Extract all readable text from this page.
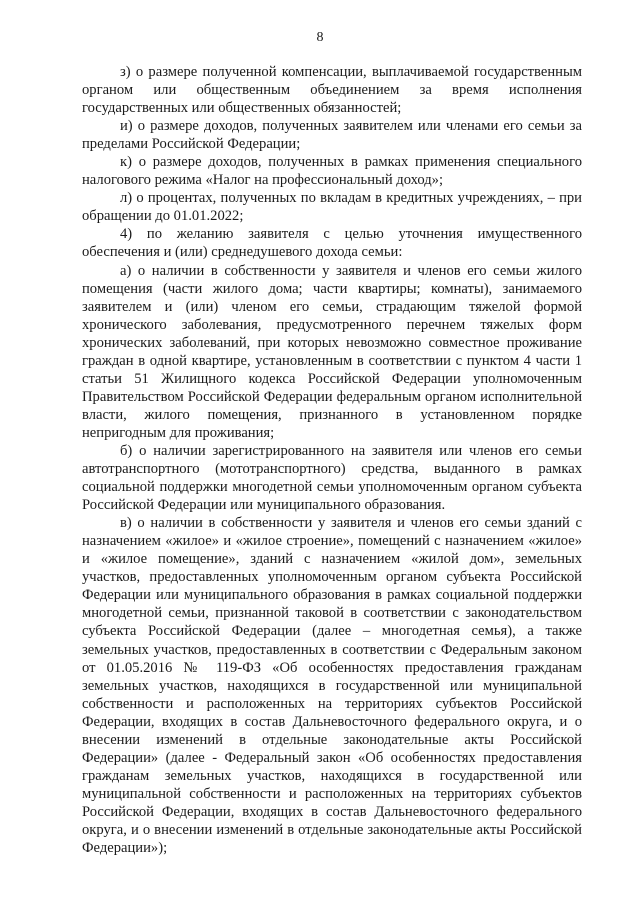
8

з) о размере полученной компенсации, выплачиваемой государственным органом или общественным объединением за время исполнения государственных или общественных обязанностей;

и) о размере доходов, полученных заявителем или членами его семьи за пределами Российской Федерации;

к) о размере доходов, полученных в рамках применения специального налогового режима «Налог на профессиональный доход»;

л) о процентах, полученных по вкладам в кредитных учреждениях, – при обращении до 01.01.2022;

4) по желанию заявителя с целью уточнения имущественного обеспечения и (или) среднедушевого дохода семьи:

а) о наличии в собственности у заявителя и членов его семьи жилого помещения (части жилого дома; части квартиры; комнаты), занимаемого заявителем и (или) членом его семьи, страдающим тяжелой формой хронического заболевания, предусмотренного перечнем тяжелых форм хронических заболеваний, при которых невозможно совместное проживание граждан в одной квартире, установленным в соответствии с пунктом 4 части 1 статьи 51 Жилищного кодекса Российской Федерации уполномоченным Правительством Российской Федерации федеральным органом исполнительной власти, жилого помещения, признанного в установленном порядке непригодным для проживания;

б) о наличии зарегистрированного на заявителя или членов его семьи автотранспортного (мототранспортного) средства, выданного в рамках социальной поддержки многодетной семьи уполномоченным органом субъекта Российской Федерации или муниципального образования.

в) о наличии в собственности у заявителя и членов его семьи зданий с назначением «жилое» и «жилое строение», помещений с назначением «жилое» и «жилое помещение», зданий с назначением «жилой дом», земельных участков, предоставленных уполномоченным органом субъекта Российской Федерации или муниципального образования в рамках социальной поддержки многодетной семьи, признанной таковой в соответствии с законодательством субъекта Российской Федерации (далее – многодетная семья), а также земельных участков, предоставленных в соответствии с Федеральным законом от 01.05.2016 № 119-ФЗ «Об особенностях предоставления гражданам земельных участков, находящихся в государственной или муниципальной собственности и расположенных на территориях субъектов Российской Федерации, входящих в состав Дальневосточного федерального округа, и о внесении изменений в отдельные законодательные акты Российской Федерации» (далее - Федеральный закон «Об особенностях предоставления гражданам земельных участков, находящихся в государственной или муниципальной собственности и расположенных на территориях субъектов Российской Федерации, входящих в состав Дальневосточного федерального округа, и о внесении изменений в отдельные законодательные акты Российской Федерации»);
